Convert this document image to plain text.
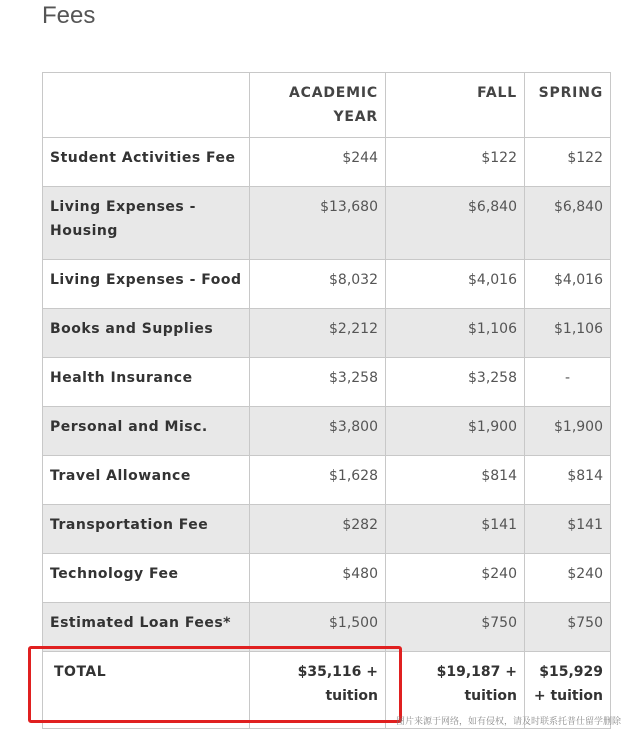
Fees
	ACADEMIC YEAR	FALL	SPRING
Student Activities Fee	$244	$122	$122
Living Expenses - Housing	$13,680	$6,840	$6,840
Living Expenses - Food	$8,032	$4,016	$4,016
Books and Supplies	$2,212	$1,106	$1,106
Health Insurance	$3,258	$3,258	-
Personal and Misc.	$3,800	$1,900	$1,900
Travel Allowance	$1,628	$814	$814
Transportation Fee	$282	$141	$141
Technology Fee	$480	$240	$240
Estimated Loan Fees*	$1,500	$750	$750
TOTAL	$35,116 + tuition	$19,187 + tuition	$15,929 + tuition
图片来源于网络，如有侵权，请及时联系托普仕留学删除
